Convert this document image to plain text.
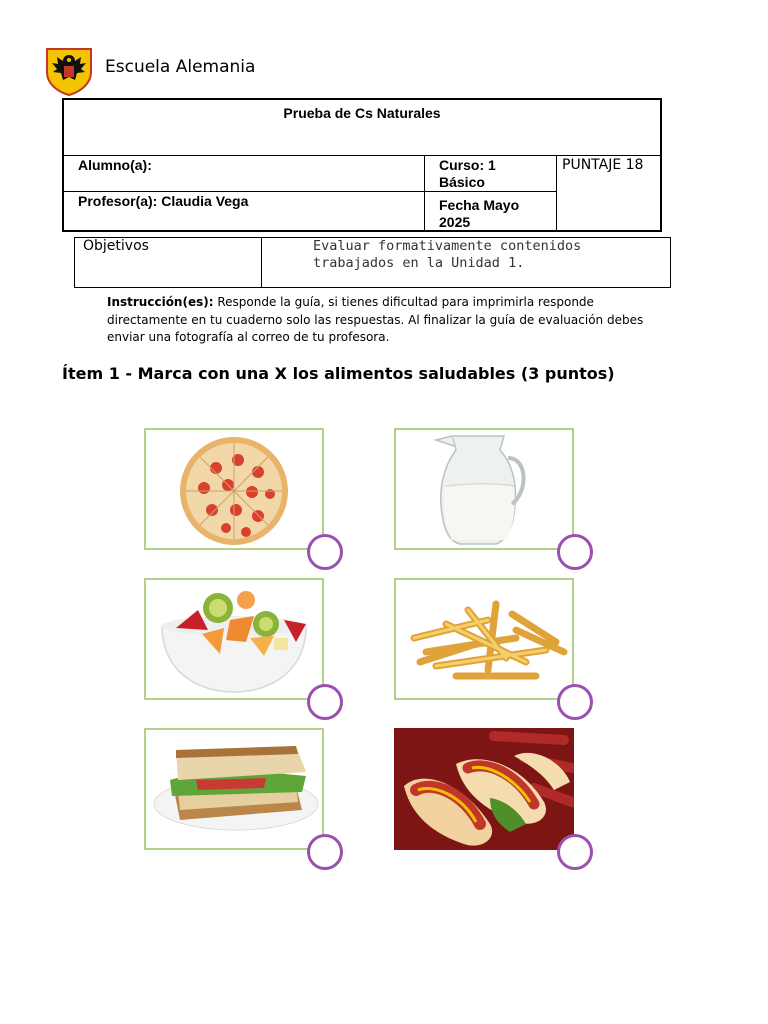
Escuela Alemania
Prueba de Cs Naturales
Alumno(a):	Curso: 1
Básico
PUNTAJE 18
Profesor(a): Claudia Vega	Fecha Mayo
2025
Objetivos	Evaluar formativamente contenidos trabajados en la Unidad 1.
Instrucción(es): Responde la guía, si tienes dificultad para imprimirla responde directamente en tu cuaderno solo las respuestas. Al finalizar la guía de evaluación debes enviar una fotografía al correo de tu profesora.
Ítem 1 - Marca con una X los alimentos saludables (3 puntos)
